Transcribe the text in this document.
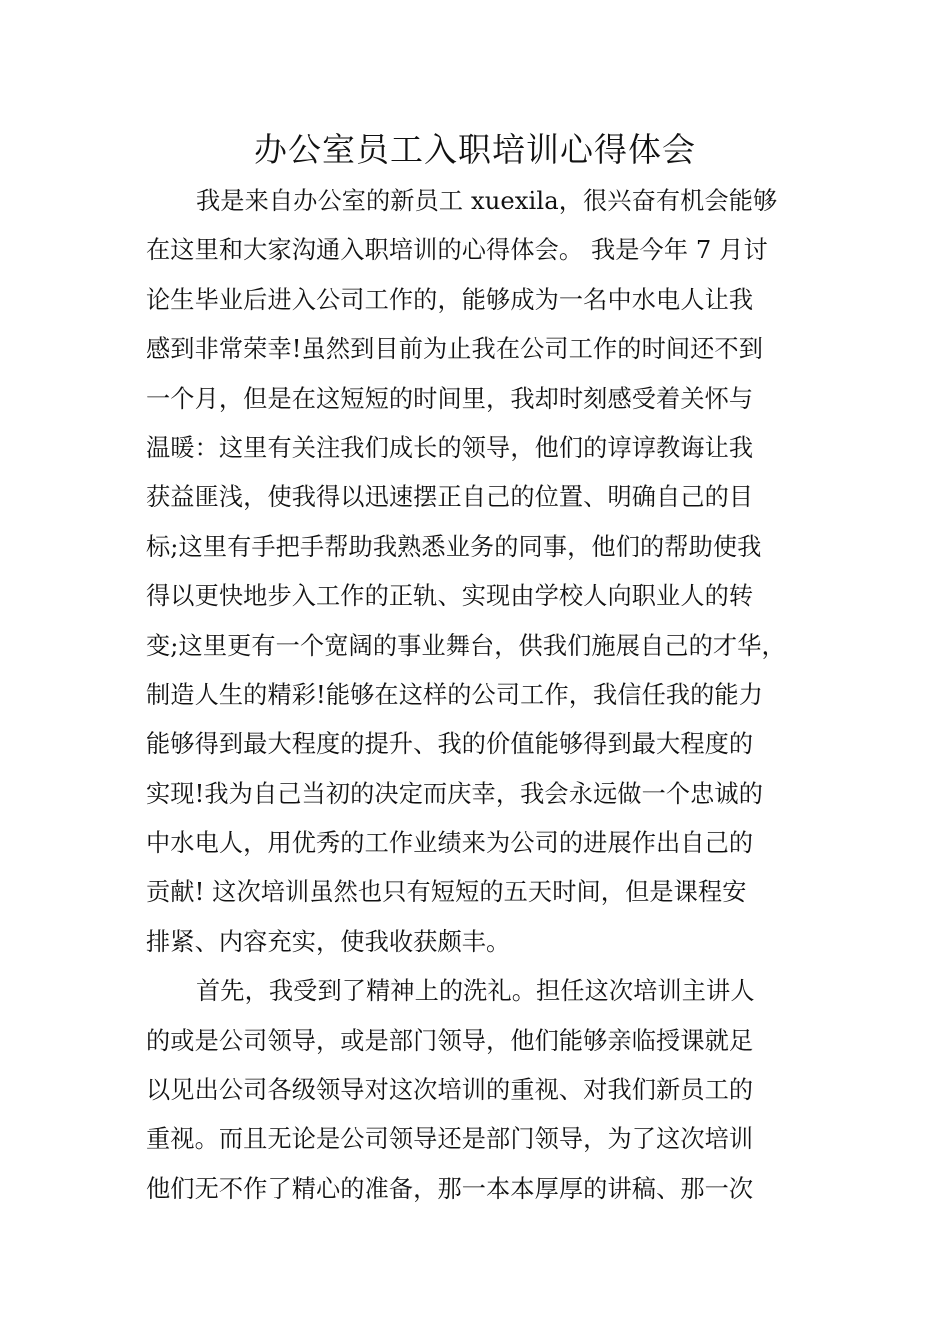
办公室员工入职培训心得体会
我是来自办公室的新员工 xuexila，很兴奋有机会能够
在这里和大家沟通入职培训的心得体会。 我是今年 7 月讨
论生毕业后进入公司工作的，能够成为一名中水电人让我
感到非常荣幸!虽然到目前为止我在公司工作的时间还不到
一个月，但是在这短短的时间里，我却时刻感受着关怀与
温暖：这里有关注我们成长的领导，他们的谆谆教诲让我
获益匪浅，使我得以迅速摆正自己的位置、明确自己的目
标;这里有手把手帮助我熟悉业务的同事，他们的帮助使我
得以更快地步入工作的正轨、实现由学校人向职业人的转
变;这里更有一个宽阔的事业舞台，供我们施展自己的才华，
制造人生的精彩!能够在这样的公司工作，我信任我的能力
能够得到最大程度的提升、我的价值能够得到最大程度的
实现!我为自己当初的决定而庆幸，我会永远做一个忠诚的
中水电人，用优秀的工作业绩来为公司的进展作出自己的
贡献! 这次培训虽然也只有短短的五天时间，但是课程安
排紧、内容充实，使我收获颇丰。
首先，我受到了精神上的洗礼。担任这次培训主讲人
的或是公司领导，或是部门领导，他们能够亲临授课就足
以见出公司各级领导对这次培训的重视、对我们新员工的
重视。而且无论是公司领导还是部门领导，为了这次培训
他们无不作了精心的准备，那一本本厚厚的讲稿、那一次
